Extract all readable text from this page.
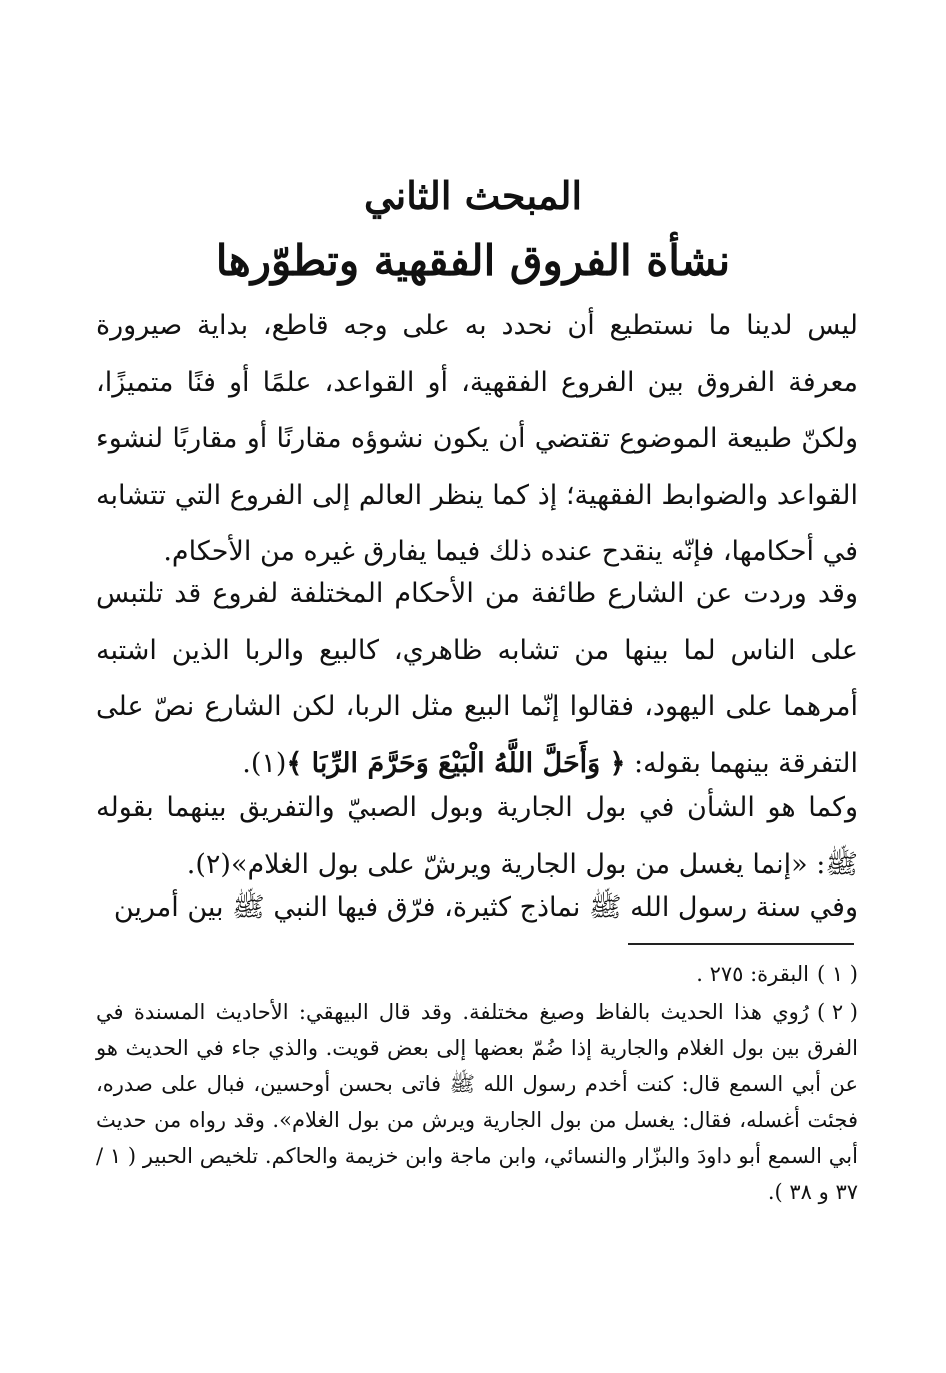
المبحث الثاني
نشأة الفروق الفقهية وتطوّرها

ليس لدينا ما نستطيع أن نحدد به على وجه قاطع، بداية صيرورة معرفة الفروق بين الفروع الفقهية، أو القواعد، علمًا أو فنًا متميزًا، ولكنّ طبيعة الموضوع تقتضي أن يكون نشوؤه مقارنًا أو مقاربًا لنشوء القواعد والضوابط الفقهية؛ إذ كما ينظر العالم إلى الفروع التي تتشابه في أحكامها، فإنّه ينقدح عنده ذلك فيما يفارق غيره من الأحكام.

وقد وردت عن الشارع طائفة من الأحكام المختلفة لفروع قد تلتبس على الناس لما بينها من تشابه ظاهري، كالبيع والربا الذين اشتبه أمرهما على اليهود، فقالوا إنّما البيع مثل الربا، لكن الشارع نصّ على التفرقة بينهما بقوله: ﴿ وَأَحَلَّ اللَّهُ الْبَيْعَ وَحَرَّمَ الرِّبَا ﴾(١).

وكما هو الشأن في بول الجارية وبول الصبيّ والتفريق بينهما بقوله ﷺ: «إنما يغسل من بول الجارية ويرشّ على بول الغلام»(٢).

وفي سنة رسول الله ﷺ نماذج كثيرة، فرّق فيها النبي ﷺ بين أمرين

( ١ )البقرة: ٢٧٥ .

( ٢ )رُوي هذا الحديث بالفاظ وصيغ مختلفة. وقد قال البيهقي: الأحاديث المسندة في الفرق بين بول الغلام والجارية إذا ضُمّ بعضها إلى بعض قويت. والذي جاء في الحديث هو عن أبي السمع قال: كنت أخدم رسول الله ﷺ فاتى بحسن أوحسين، فبال على صدره، فجئت أغسله، فقال: يغسل من بول الجارية ويرش من بول الغلام». وقد رواه من حديث أبي السمع أبو داودَ والبزّار والنسائي، وابن ماجة وابن خزيمة والحاكم. تلخيص الحبير ( ١ / ٣٧ و ٣٨ ).
